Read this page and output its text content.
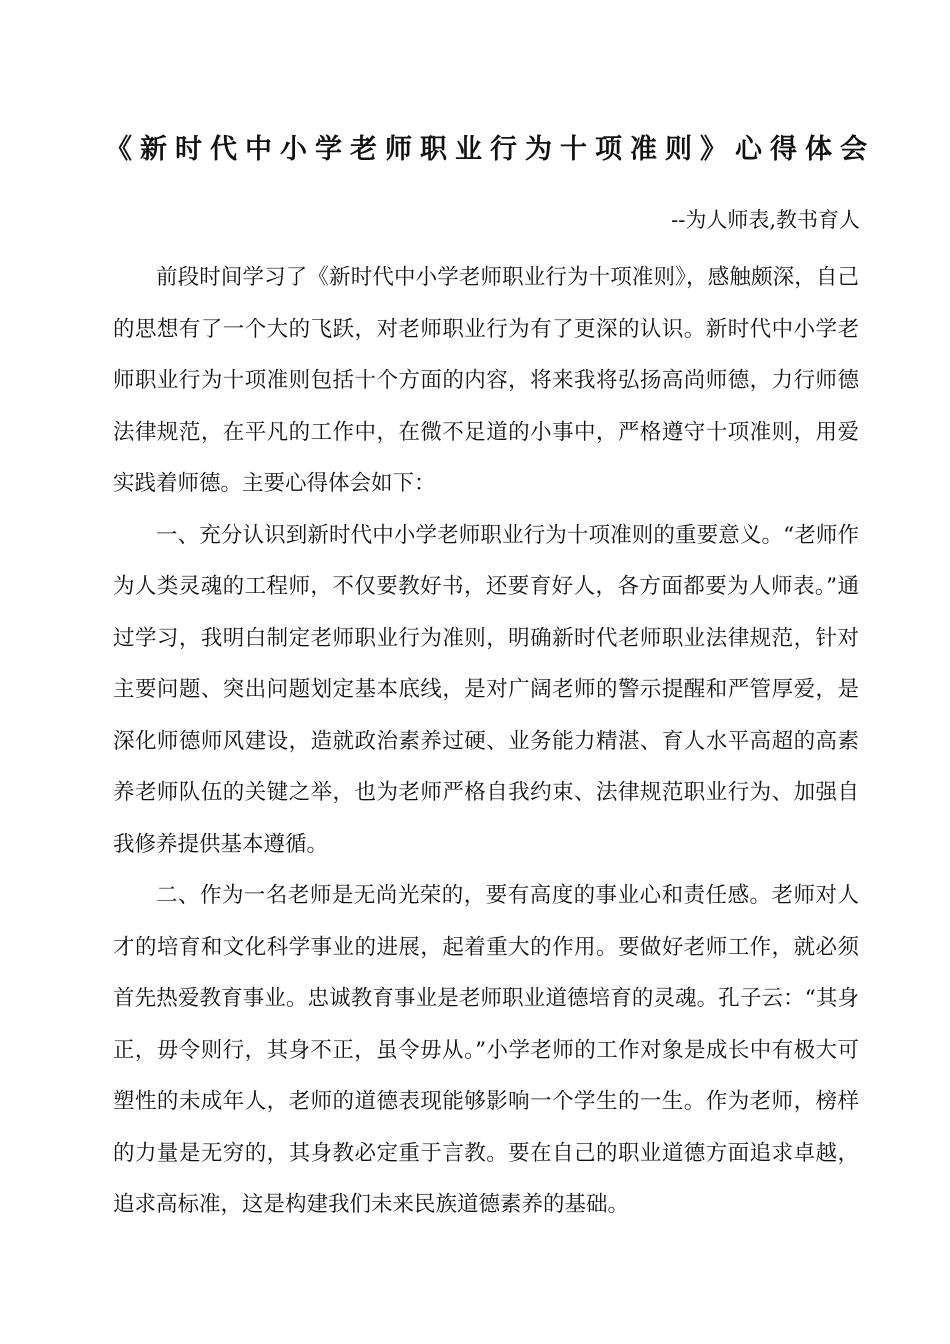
《新时代中小学老师职业行为十项准则》心得体会
--为人师表,教书育人

前段时间学习了《新时代中小学老师职业行为十项准则》，感触颇深，自己的思想有了一个大的飞跃，对老师职业行为有了更深的认识。新时代中小学老师职业行为十项准则包括十个方面的内容，将来我将弘扬高尚师德，力行师德法律规范，在平凡的工作中，在微不足道的小事中，严格遵守十项准则，用爱实践着师德。主要心得体会如下：

一、充分认识到新时代中小学老师职业行为十项准则的重要意义。“老师作为人类灵魂的工程师，不仅要教好书，还要育好人，各方面都要为人师表。”通过学习，我明白制定老师职业行为准则，明确新时代老师职业法律规范，针对主要问题、突出问题划定基本底线，是对广阔老师的警示提醒和严管厚爱，是深化师德师风建设，造就政治素养过硬、业务能力精湛、育人水平高超的高素养老师队伍的关键之举，也为老师严格自我约束、法律规范职业行为、加强自我修养提供基本遵循。

二、作为一名老师是无尚光荣的，要有高度的事业心和责任感。老师对人才的培育和文化科学事业的进展，起着重大的作用。要做好老师工作，就必须首先热爱教育事业。忠诚教育事业是老师职业道德培育的灵魂。孔子云：“其身正，毋令则行，其身不正，虽令毋从。”小学老师的工作对象是成长中有极大可塑性的未成年人，老师的道德表现能够影响一个学生的一生。作为老师，榜样的力量是无穷的，其身教必定重于言教。要在自己的职业道德方面追求卓越，追求高标准，这是构建我们未来民族道德素养的基础。
